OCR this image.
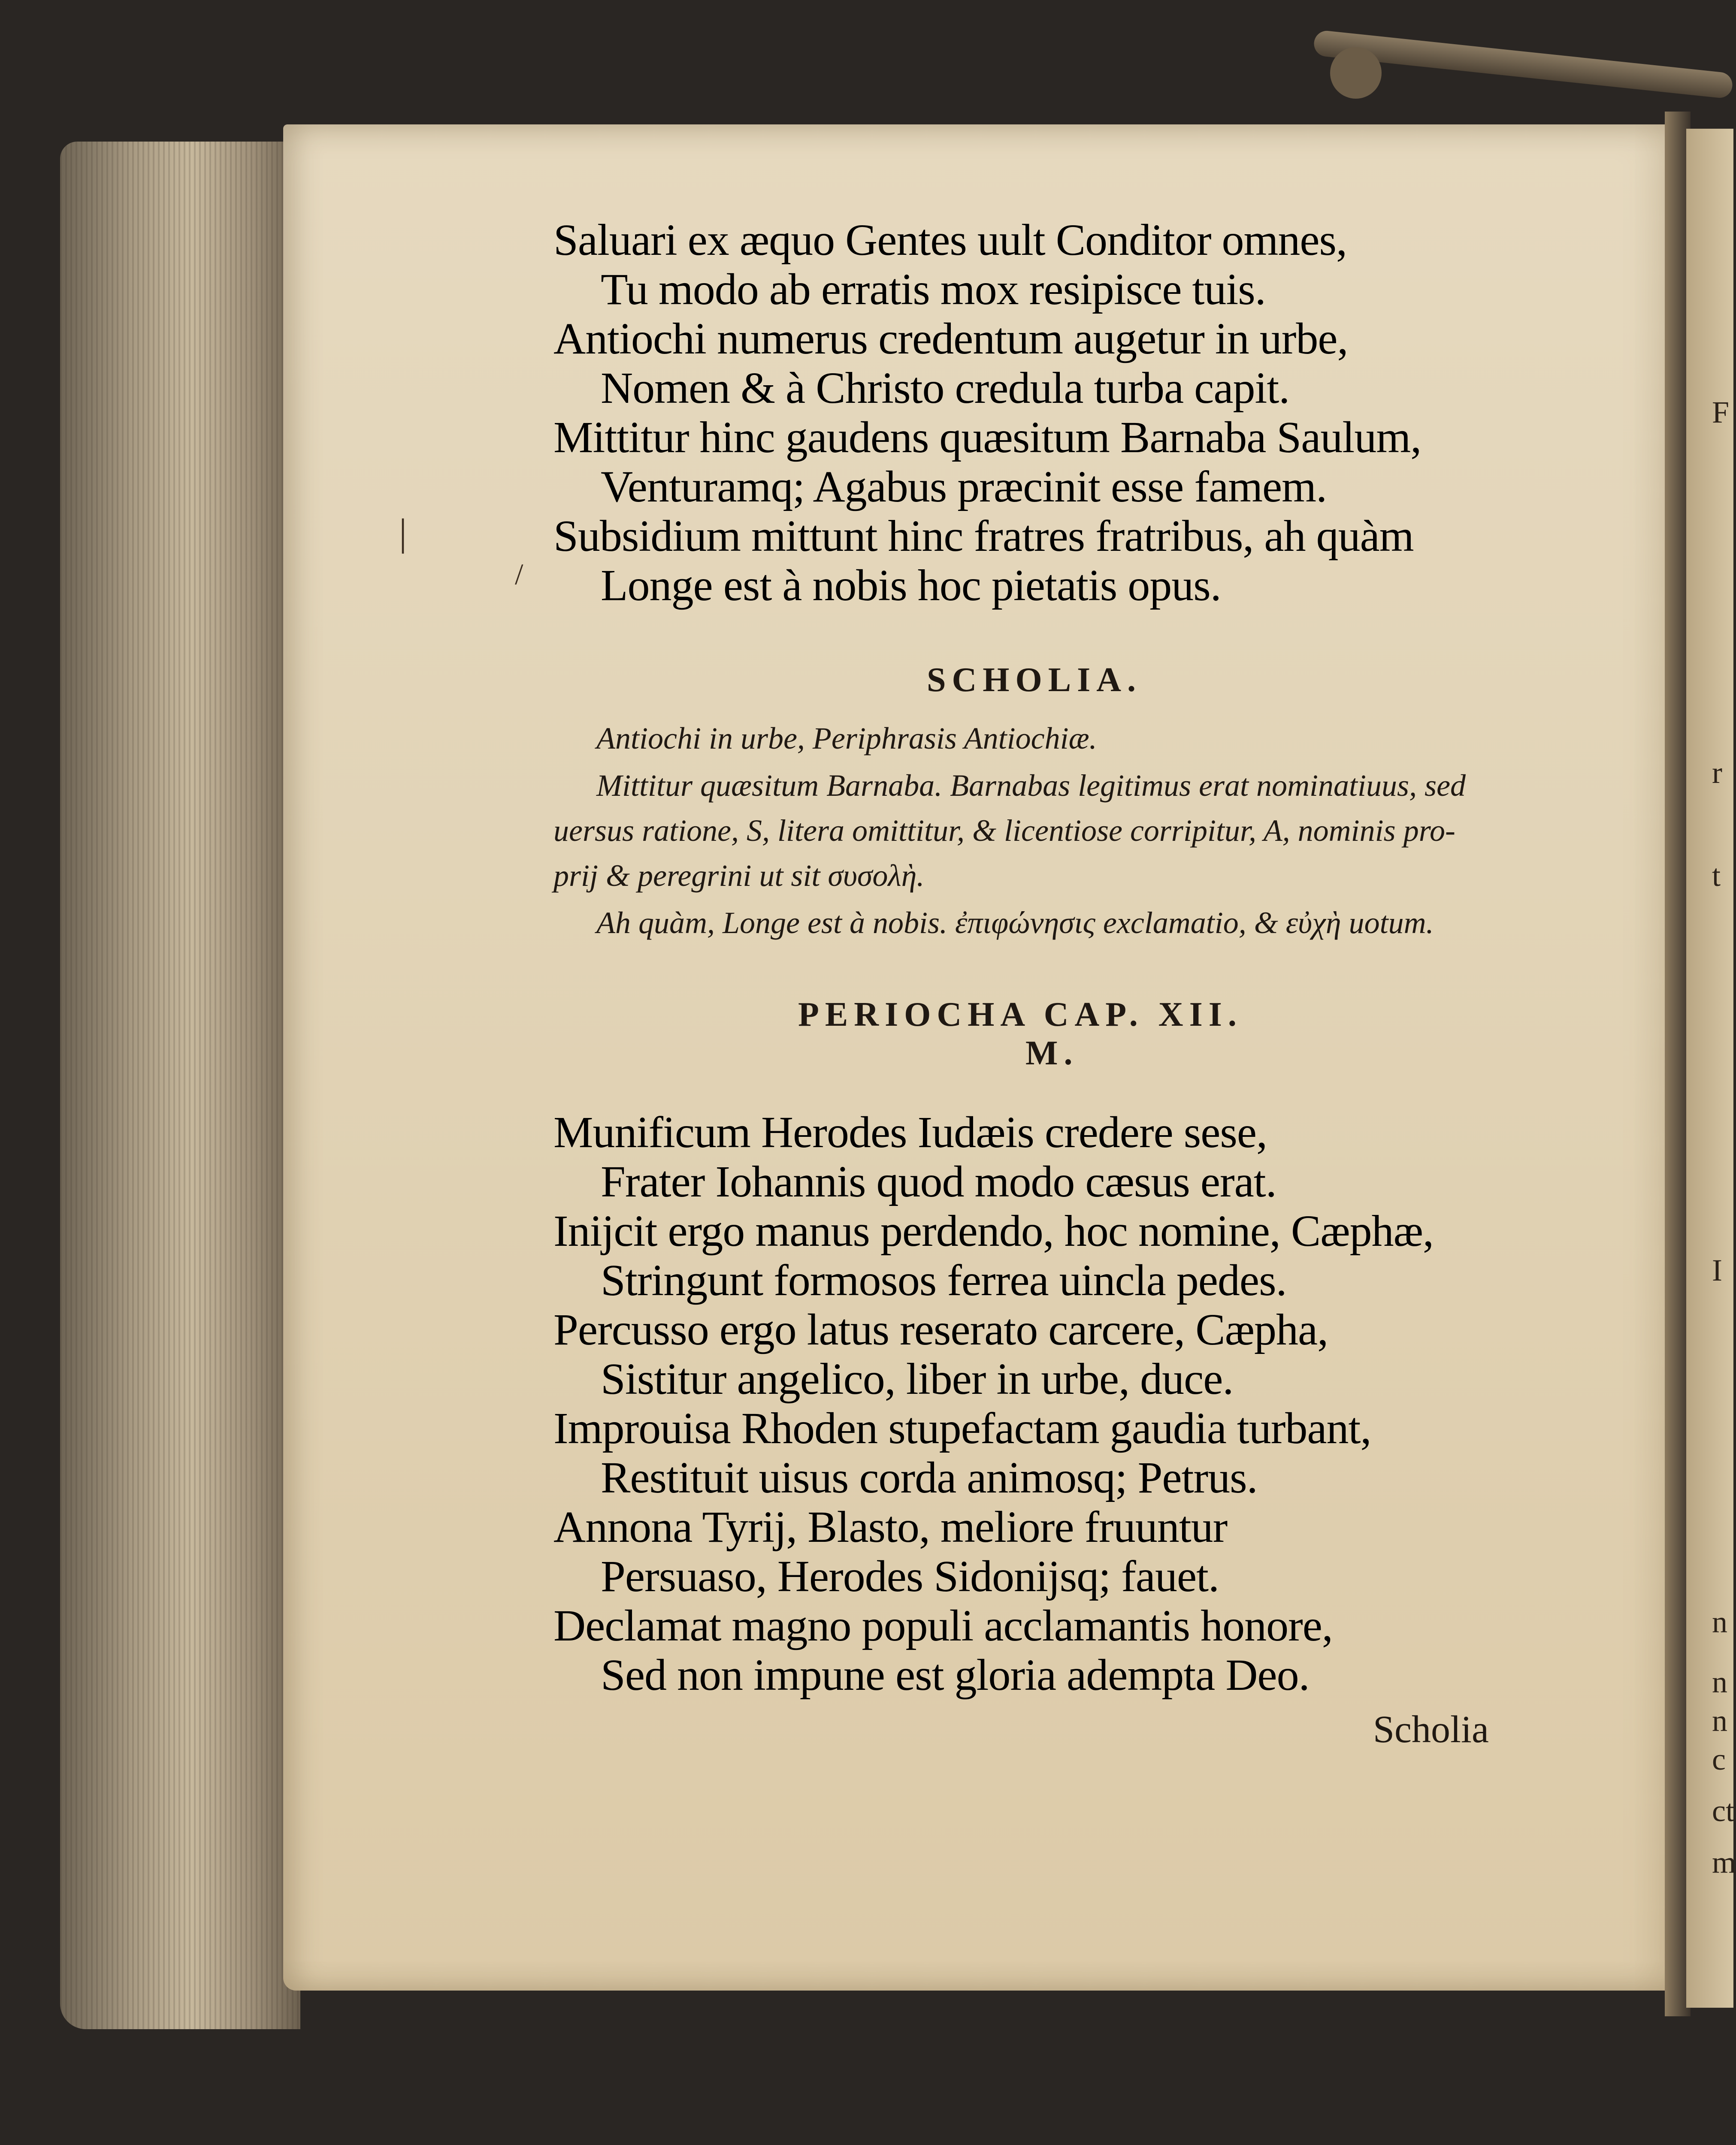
F
r
t
I
n
n
n
c
ct
m
|
/
Saluari ex æquo Gentes uult Conditor omnes,
Tu modo ab erratis mox resipisce tuis.
Antiochi numerus credentum augetur in urbe,
Nomen & à Christo credula turba capit.
Mittitur hinc gaudens quæsitum Barnaba Saulum,
Venturamq; Agabus præcinit esse famem.
Subsidium mittunt hinc fratres fratribus, ah quàm
Longe est à nobis hoc pietatis opus.
SCHOLIA.
Antiochi in urbe, Periphrasis Antiochiæ.
Mittitur quæsitum Barnaba. Barnabas legitimus erat nominatiuus, sed
uersus ratione, S, litera omittitur, & licentiose corripitur, A, nominis pro-
prij & peregrini ut sit συσολὴ.
Ah quàm, Longe est à nobis. ἐπιφώνησις exclamatio, & εὐχὴ uotum.
PERIOCHA CAP. XII.
M.
Munificum Herodes Iudæis credere sese,
Frater Iohannis quod modo cæsus erat.
Inijcit ergo manus perdendo, hoc nomine, Cæphæ,
Stringunt formosos ferrea uincla pedes.
Percusso ergo latus reserato carcere, Cæpha,
Sistitur angelico, liber in urbe, duce.
Improuisa Rhoden stupefactam gaudia turbant,
Restituit uisus corda animosq; Petrus.
Annona Tyrij, Blasto, meliore fruuntur
Persuaso, Herodes Sidonijsq; fauet.
Declamat magno populi acclamantis honore,
Sed non impune est gloria adempta Deo.
Scholia
